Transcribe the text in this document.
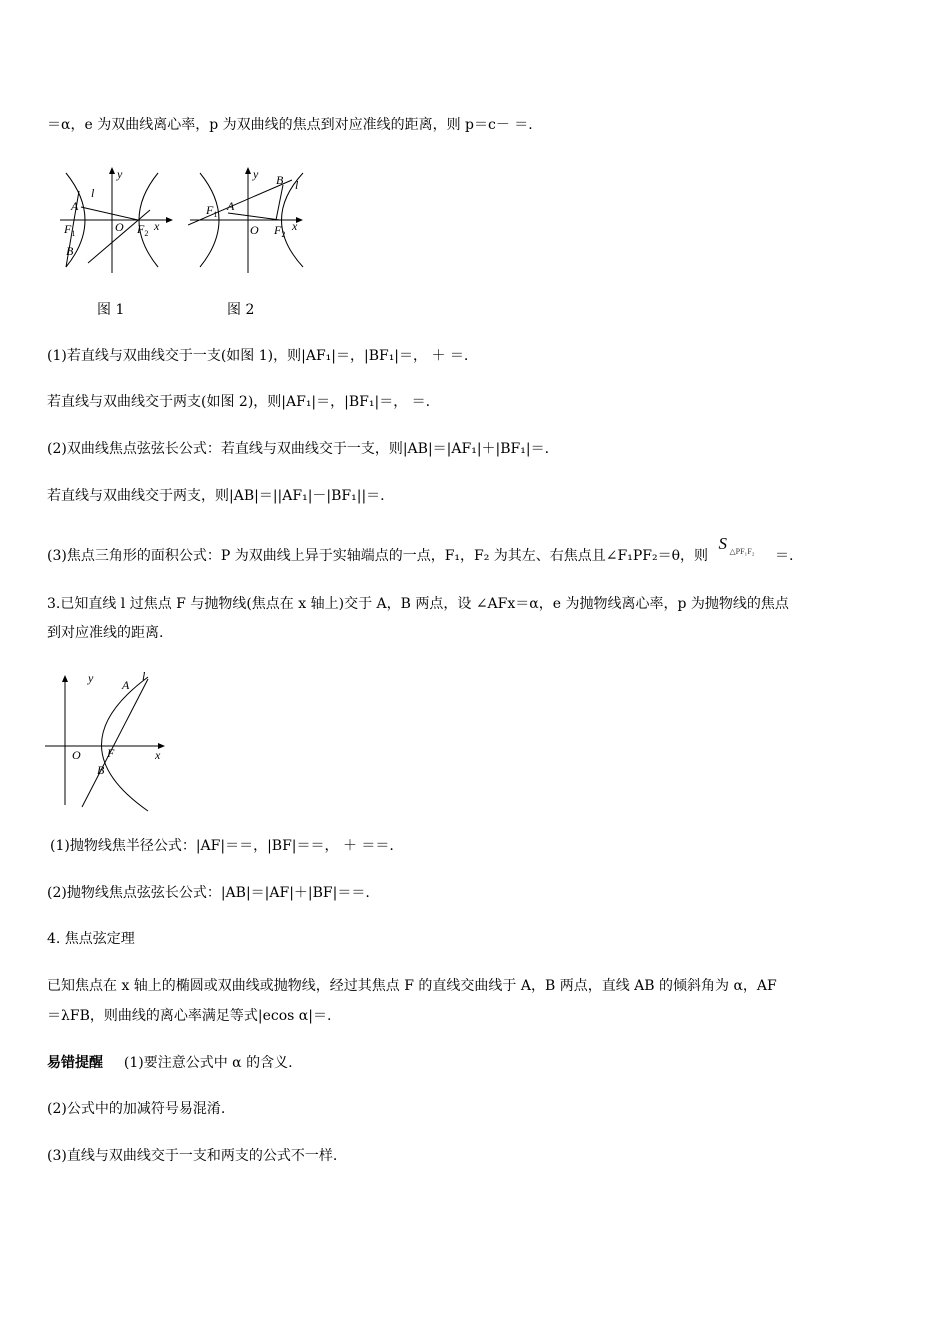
＝α，e 为双曲线离心率，p 为双曲线的焦点到对应准线的距离，则 p＝c－ ＝.
y
l
A
$F_1$	O $F_2$
x
B
y B l
$F_1$
A
O $F_2$
x
图 1	图 2
(1)若直线与双曲线交于一支(如图 1)，则|AF₁|＝，|BF₁|＝， ＋ ＝.
若直线与双曲线交于两支(如图 2)，则|AF₁|＝，|BF₁|＝， ＝.
(2)双曲线焦点弦弦长公式：若直线与双曲线交于一支，则|AB|＝|AF₁|＋|BF₁|＝.
若直线与双曲线交于两支，则|AB|＝||AF₁|－|BF₁||＝.
(3)焦点三角形的面积公式：P 为双曲线上异于实轴端点的一点，F₁，F₂ 为其左、右焦点且∠F₁PF₂＝θ，则
S △PF₁F₂ ＝.
3.已知直线 l 过焦点 F 与抛物线(焦点在 x 轴上)交于 A，B 两点，设 ∠AFx＝α，e 为抛物线离心率，p 为抛物线的焦点
到对应准线的距离.
y A
l
O F	x
B
(1)抛物线焦半径公式：|AF|＝＝，|BF|＝＝， ＋ ＝＝.
(2)抛物线焦点弦弦长公式：|AB|＝|AF|＋|BF|＝＝.
4. 焦点弦定理
已知焦点在 x 轴上的椭圆或双曲线或抛物线，经过其焦点 F 的直线交曲线于 A，B 两点，直线 AB 的倾斜角为 α，AF
＝λFB，则曲线的离心率满足等式|ecos α|＝.
易错提醒 (1)要注意公式中 α 的含义.
(2)公式中的加减符号易混淆.
(3)直线与双曲线交于一支和两支的公式不一样.
